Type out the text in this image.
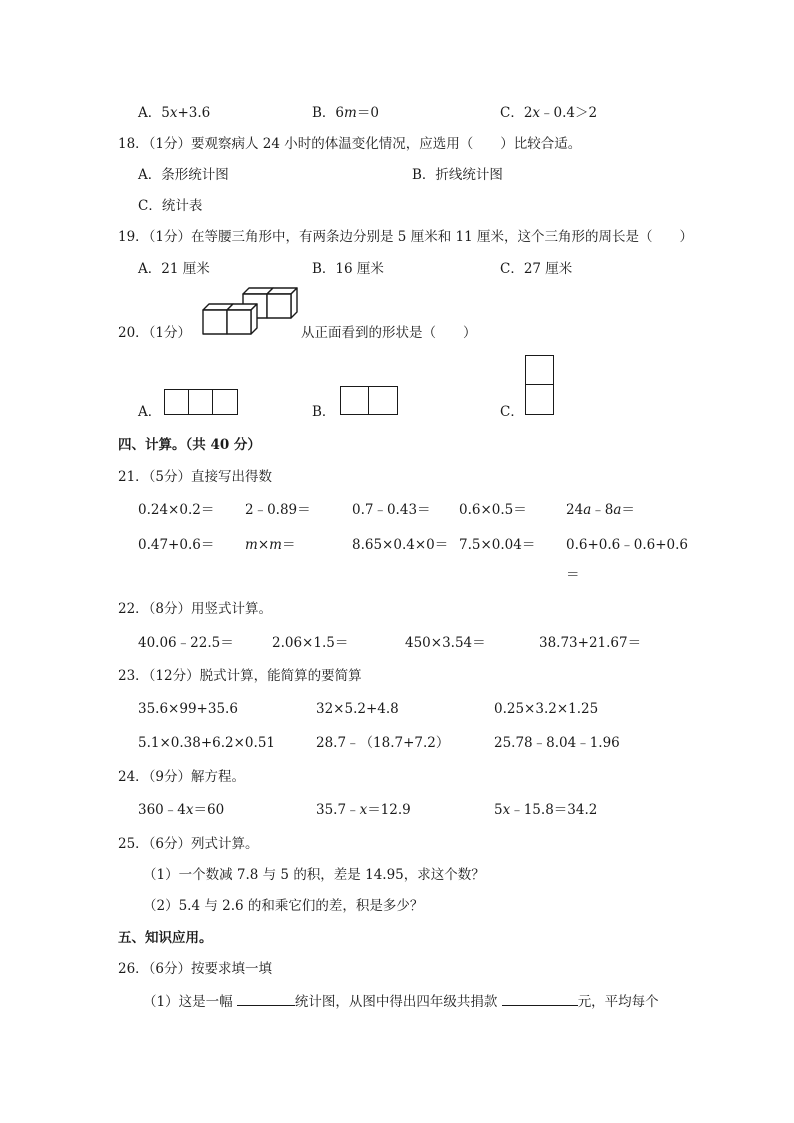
A．5x+3.6	B．6m＝0	C．2x﹣0.4＞2
18．（1分）要观察病人 24 小时的体温变化情况，应选用（　　）比较合适。
A．条形统计图	B．折线统计图
C．统计表
19．（1分）在等腰三角形中，有两条边分别是 5 厘米和 11 厘米，这个三角形的周长是（　　）
A．21 厘米	B．16 厘米	C．27 厘米
20．（1分）	从正面看到的形状是（　　）
A．	B．	C．
四、计算。（共 40 分）
21．（5分）直接写出得数
0.24×0.2＝ 2﹣0.89＝	0.7﹣0.43＝ 0.6×0.5＝	24a﹣8a＝
0.47+0.6＝ m×m＝	8.65×0.4×0＝ 7.5×0.04＝ 0.6+0.6﹣0.6+0.6
＝
22．（8分）用竖式计算。
40.06﹣22.5＝	2.06×1.5＝	450×3.54＝	38.73+21.67＝
23．（12分）脱式计算，能简算的要简算
35.6×99+35.6	32×5.2+4.8	0.25×3.2×1.25
5.1×0.38+6.2×0.51	28.7﹣（18.7+7.2）	25.78﹣8.04﹣1.96
24．（9分）解方程。
360﹣4x＝60	35.7﹣x＝12.9	5x﹣15.8＝34.2
25．（6分）列式计算。
（1）一个数减 7.8 与 5 的积，差是 14.95，求这个数？
（2）5.4 与 2.6 的和乘它们的差，积是多少？
五、知识应用。
26．（6分）按要求填一填
（1）这是一幅	统计图，从图中得出四年级共捐款	元，平均每个
